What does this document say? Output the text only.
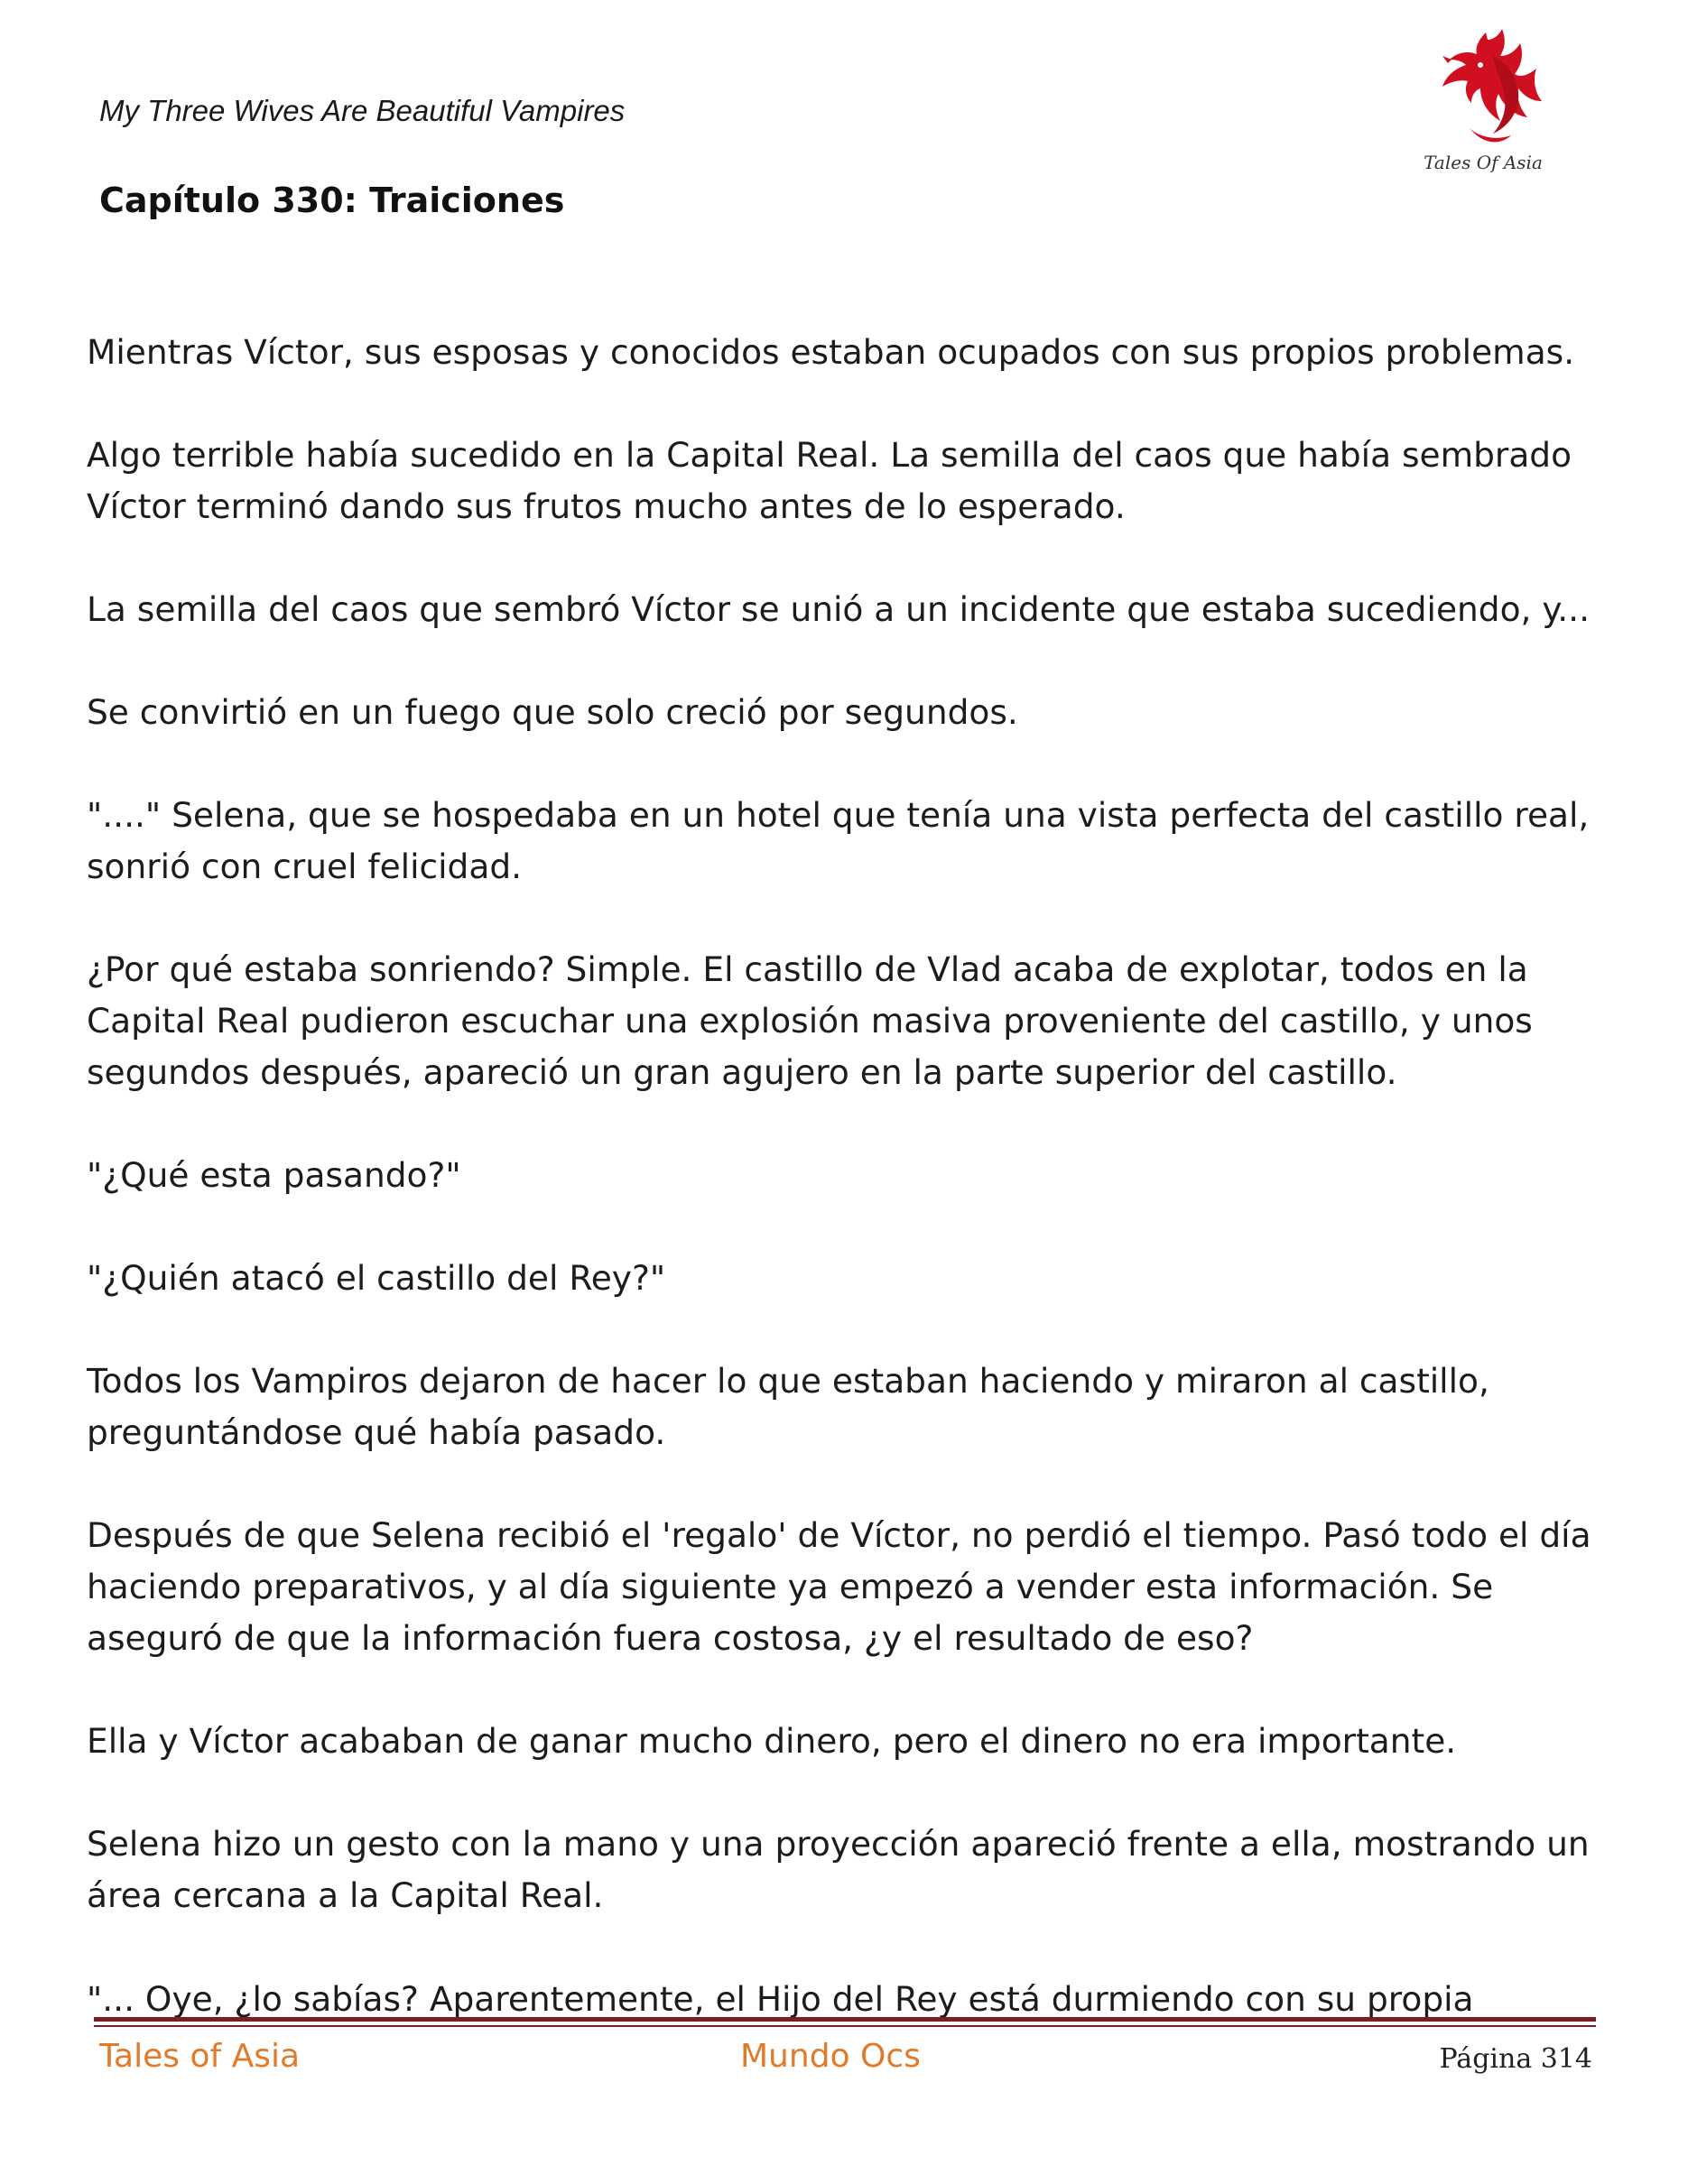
My Three Wives Are Beautiful Vampires
Capítulo 330: Traiciones
Tales Of Asia

Mientras Víctor, sus esposas y conocidos estaban ocupados con sus propios problemas.

Algo terrible había sucedido en la Capital Real. La semilla del caos que había sembrado
Víctor terminó dando sus frutos mucho antes de lo esperado.

La semilla del caos que sembró Víctor se unió a un incidente que estaba sucediendo, y...

Se convirtió en un fuego que solo creció por segundos.

"...." Selena, que se hospedaba en un hotel que tenía una vista perfecta del castillo real,
sonrió con cruel felicidad.

¿Por qué estaba sonriendo? Simple. El castillo de Vlad acaba de explotar, todos en la
Capital Real pudieron escuchar una explosión masiva proveniente del castillo, y unos
segundos después, apareció un gran agujero en la parte superior del castillo.

"¿Qué esta pasando?"

"¿Quién atacó el castillo del Rey?"

Todos los Vampiros dejaron de hacer lo que estaban haciendo y miraron al castillo,
preguntándose qué había pasado.

Después de que Selena recibió el 'regalo' de Víctor, no perdió el tiempo. Pasó todo el día
haciendo preparativos, y al día siguiente ya empezó a vender esta información. Se
aseguró de que la información fuera costosa, ¿y el resultado de eso?

Ella y Víctor acababan de ganar mucho dinero, pero el dinero no era importante.

Selena hizo un gesto con la mano y una proyección apareció frente a ella, mostrando un
área cercana a la Capital Real.

"... Oye, ¿lo sabías? Aparentemente, el Hijo del Rey está durmiendo con su propia
Tales of Asia	Mundo Ocs	Página 314
